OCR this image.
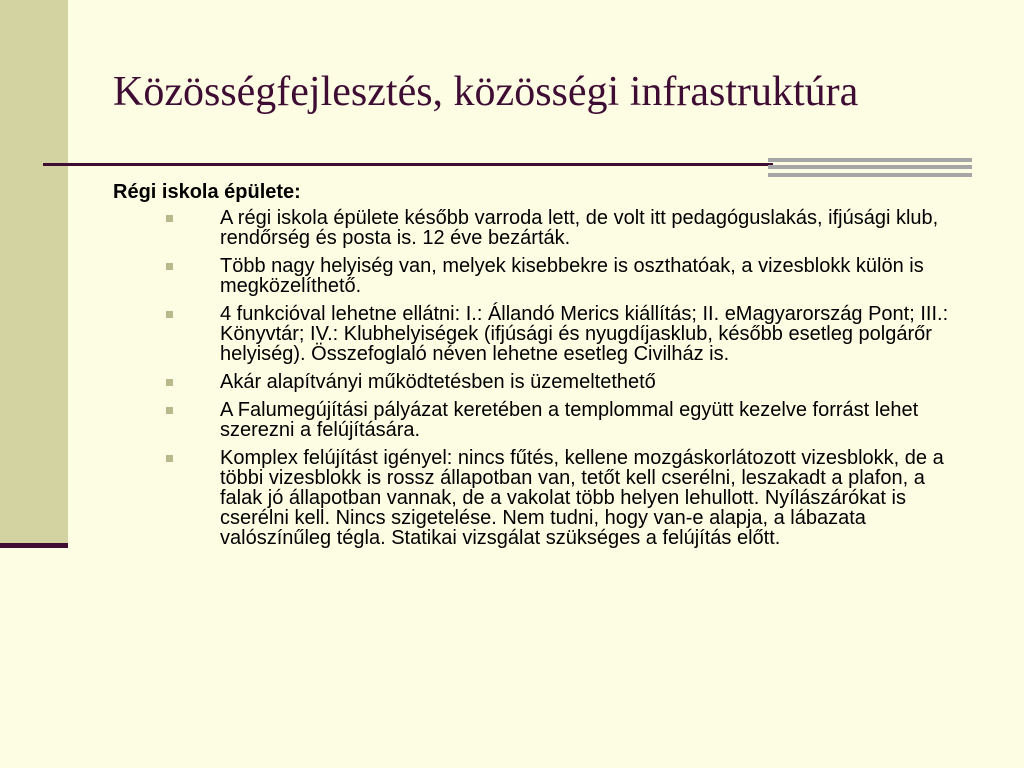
Közösségfejlesztés, közösségi infrastruktúra
Régi iskola épülete:
A régi iskola épülete később varroda lett, de volt itt pedagóguslakás, ifjúsági klub, rendőrség és posta is. 12 éve bezárták.
Több nagy helyiség van, melyek kisebbekre is oszthatóak, a vizesblokk külön is megközelíthető.
4 funkcióval lehetne ellátni: I.: Állandó Merics kiállítás; II. eMagyarország Pont; III.: Könyvtár; IV.: Klubhelyiségek (ifjúsági és nyugdíjasklub, később esetleg polgárőr helyiség). Összefoglaló néven lehetne esetleg Civilház is.
Akár alapítványi működtetésben is üzemeltethető
A Falumegújítási pályázat keretében a templommal együtt kezelve forrást lehet szerezni a felújítására.
Komplex felújítást igényel: nincs fűtés, kellene mozgáskorlátozott vizesblokk, de a többi vizesblokk is rossz állapotban van, tetőt kell cserélni, leszakadt a plafon, a falak jó állapotban vannak, de a vakolat több helyen lehullott. Nyílászárókat is cserélni kell. Nincs szigetelése. Nem tudni, hogy van-e alapja, a lábazata valószínűleg tégla. Statikai vizsgálat szükséges a felújítás előtt.
